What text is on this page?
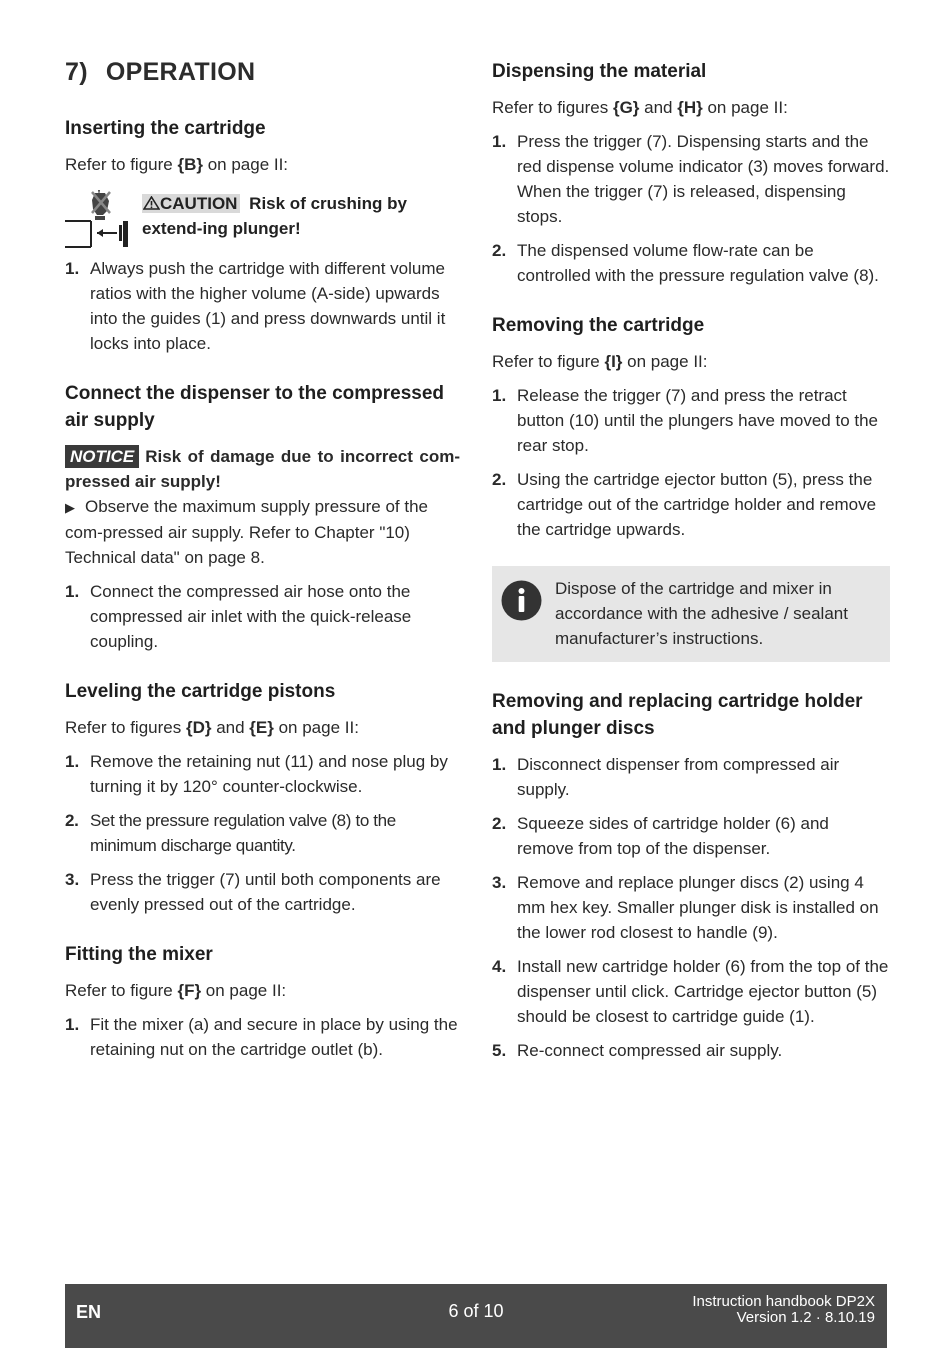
7) OPERATION
Inserting the cartridge

Refer to figure {B} on page II:

CAUTION Risk of crushing by extend-ing plunger!
1. Always push the cartridge with different volume ratios with the higher volume (A-side) upwards into the guides (1) and press downwards until it locks into place.
Connect the dispenser to the compressed air supply

NOTICE Risk of damage due to incorrect com-pressed air supply!

▶ Observe the maximum supply pressure of the com-pressed air supply. Refer to Chapter "10) Technical data" on page 8.

1. Connect the compressed air hose onto the compressed air inlet with the quick-release coupling.
Leveling the cartridge pistons

Refer to figures {D} and {E} on page II:

1. Remove the retaining nut (11) and nose plug by turning it by 120° counter-clockwise.
2. Set the pressure regulation valve (8) to the minimum discharge quantity.
3. Press the trigger (7) until both components are evenly pressed out of the cartridge.
Fitting the mixer

Refer to figure {F} on page II:

1. Fit the mixer (a) and secure in place by using the retaining nut on the cartridge outlet (b).
Dispensing the material

Refer to figures {G} and {H} on page II:

1. Press the trigger (7). Dispensing starts and the red dispense volume indicator (3) moves forward. When the trigger (7) is released, dispensing stops.
2. The dispensed volume flow-rate can be controlled with the pressure regulation valve (8).
Removing the cartridge

Refer to figure {I} on page II:

1. Release the trigger (7) and press the retract button (10) until the plungers have moved to the rear stop.
2. Using the cartridge ejector button (5), press the cartridge out of the cartridge holder and remove the cartridge upwards.

Dispose of the cartridge and mixer in accordance with the adhesive / sealant manufacturer’s instructions.

Removing and replacing cartridge holder and plunger discs
1. Disconnect dispenser from compressed air supply.
2. Squeeze sides of cartridge holder (6) and remove from top of the dispenser.
3. Remove and replace plunger discs (2) using 4 mm hex key. Smaller plunger disk is installed on the lower rod closest to handle (9).
4. Install new cartridge holder (6) from the top of the dispenser until click. Cartridge ejector button (5) should be closest to cartridge guide (1).
5. Re-connect compressed air supply.
EN	6 of 10	Instruction handbook DP2X
Version 1.2 · 8.10.19
